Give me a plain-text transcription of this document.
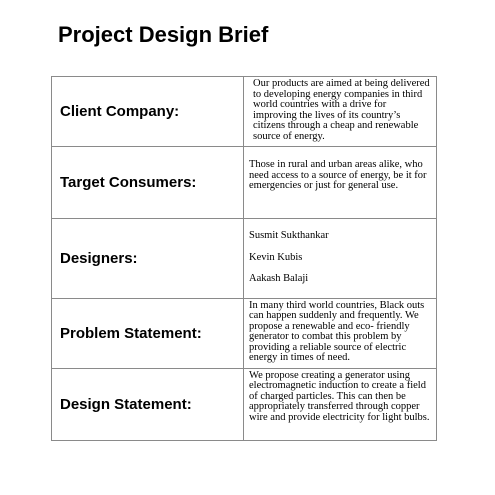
Project Design Brief
Client Company:	Our products are aimed at being delivered to developing energy companies in third world countries with a drive for improving the lives of its country’s citizens through a cheap and renewable source of energy.

Target Consumers:	Those in rural and urban areas alike, who need access to a source of energy, be it for emergencies or just for general use.

Designers:	Susmit Sukthankar
Kevin Kubis
Aakash Balaji

Problem Statement:	In many third world countries, Black outs can happen suddenly and frequently. We propose a renewable and eco- friendly generator to combat this problem by providing a reliable source of electric energy in times of need.

Design Statement:	We propose creating a generator using electromagnetic induction to create a field of charged particles. This can then be appropriately transferred through copper wire and provide electricity for light bulbs.
